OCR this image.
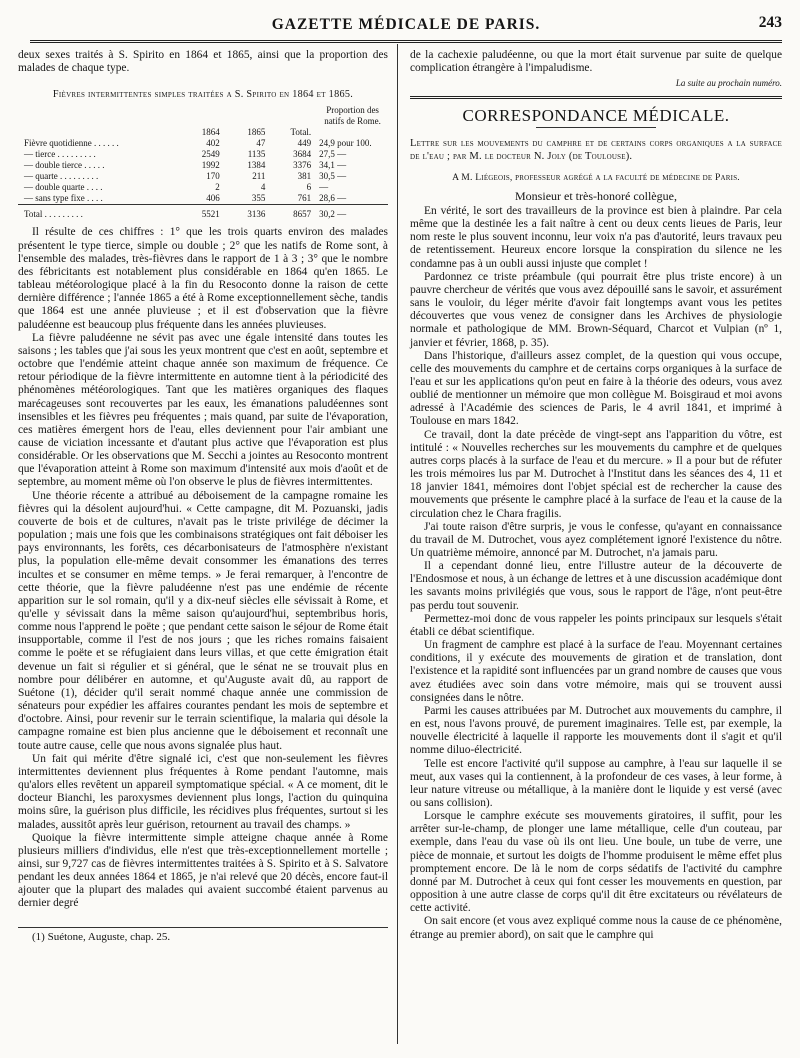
GAZETTE MÉDICALE DE PARIS.	243

deux sexes traités à S. Spirito en 1864 et 1865, ainsi que la proportion des malades de chaque type.

Fièvres intermittentes simples traitées a S. Spirito en 1864 et 1865.
				Proportion des natifs de Rome.
	1864	1865	Total.	
Fièvre quotidienne . . . . . .	402	47	449	24,9 pour 100.
— tierce . . . . . . . . .	2549	1135	3684	27,5 —
— double tierce . . . . .	1992	1384	3376	34,1 —
— quarte . . . . . . . . .	170	211	381	30,5 —
— double quarte . . . .	2	4	6	—
— sans type fixe . . . .	406	355	761	28,6 —

Total . . . . . . . . .	5521	3136	8657	30,2 —

Il résulte de ces chiffres : 1° que les trois quarts environ des malades présentent le type tierce, simple ou double ; 2° que les natifs de Rome sont, à l'ensemble des malades, très-fièvres dans le rapport de 1 à 3 ; 3° que le nombre des fébricitants est notablement plus considérable en 1864 qu'en 1865. Le tableau météorologique placé à la fin du Resoconto donne la raison de cette dernière différence ; l'année 1865 a été à Rome exceptionnellement sèche, tandis que 1864 est une année pluvieuse ; et il est d'observation que la fièvre paludéenne est beaucoup plus fréquente dans les années pluvieuses.

La fièvre paludéenne ne sévit pas avec une égale intensité dans toutes les saisons ; les tables que j'ai sous les yeux montrent que c'est en août, septembre et octobre que l'endémie atteint chaque année son maximum de fréquence. Ce retour périodique de la fièvre intermittente en automne tient à la périodicité des phénomènes météorologiques. Tant que les matières organiques des flaques marécageuses sont recouvertes par les eaux, les émanations paludéennes sont insensibles et les fièvres peu fréquentes ; mais quand, par suite de l'évaporation, ces matières émergent hors de l'eau, elles deviennent pour l'air ambiant une cause de viciation incessante et d'autant plus active que l'évaporation est plus considérable. Or les observations que M. Secchi a jointes au Resoconto montrent que l'évaporation atteint à Rome son maximum d'intensité aux mois d'août et de septembre, au moment même où l'on observe le plus de fièvres intermittentes.

Une théorie récente a attribué au déboisement de la campagne romaine les fièvres qui la désolent aujourd'hui. « Cette campagne, dit M. Pozuanski, jadis couverte de bois et de cultures, n'avait pas le triste privilége de décimer la population ; mais une fois que les combinaisons stratégiques ont fait déboiser les pays environnants, les forêts, ces décarbonisateurs de l'atmosphère n'existant plus, la population elle-même devait consommer les émanations des terres incultes et se consumer en même temps. » Je ferai remarquer, à l'encontre de cette théorie, que la fièvre paludéenne n'est pas une endémie de récente apparition sur le sol romain, qu'il y a dix-neuf siècles elle sévissait à Rome, et qu'elle y sévissait dans la même saison qu'aujourd'hui, septembribus horis, comme nous l'apprend le poëte ; que pendant cette saison le séjour de Rome était insupportable, comme il l'est de nos jours ; que les riches romains faisaient comme le poëte et se réfugiaient dans leurs villas, et que cette émigration était devenue un fait si régulier et si général, que le sénat ne se trouvait plus en nombre pour délibérer en automne, et qu'Auguste avait dû, au rapport de Suétone (1), décider qu'il serait nommé chaque année une commission de sénateurs pour expédier les affaires courantes pendant les mois de septembre et d'octobre. Ainsi, pour revenir sur le terrain scientifique, la malaria qui désole la campagne romaine est bien plus ancienne que le déboisement et reconnaît une toute autre cause, celle que nous avons signalée plus haut.

Un fait qui mérite d'être signalé ici, c'est que non-seulement les fièvres intermittentes deviennent plus fréquentes à Rome pendant l'automne, mais qu'alors elles revêtent un appareil symptomatique spécial. « A ce moment, dit le docteur Bianchi, les paroxysmes deviennent plus longs, l'action du quinquina moins sûre, la guérison plus difficile, les récidives plus fréquentes, surtout si les malades, aussitôt après leur guérison, retournent au travail des champs. »

Quoique la fièvre intermittente simple atteigne chaque année à Rome plusieurs milliers d'individus, elle n'est que très-exceptionnellement mortelle ; ainsi, sur 9,727 cas de fièvres intermittentes traitées à S. Spirito et à S. Salvatore pendant les deux années 1864 et 1865, je n'ai relevé que 20 décès, encore faut-il ajouter que la plupart des malades qui avaient succombé étaient parvenus au dernier degré

(1) Suétone, Auguste, chap. 25.

de la cachexie paludéenne, ou que la mort était survenue par suite de quelque complication étrangère à l'impaludisme.

La suite au prochain numéro.
CORRESPONDANCE MÉDICALE.
Lettre sur les mouvements du camphre et de certains corps organiques a la surface de l'eau ; par M. le docteur N. Joly (de Toulouse).
A M. Liégeois, professeur agrégé a la faculté de médecine de Paris.
Monsieur et très-honoré collègue,

En vérité, le sort des travailleurs de la province est bien à plaindre. Par cela même que la destinée les a fait naître à cent ou deux cents lieues de Paris, leur nom reste le plus souvent inconnu, leur voix n'a pas d'autorité, leurs travaux peu de retentissement. Heureux encore lorsque la conspiration du silence ne les condamne pas à un oubli aussi injuste que complet !

Pardonnez ce triste préambule (qui pourrait être plus triste encore) à un pauvre chercheur de vérités que vous avez dépouillé sans le savoir, et assurément sans le vouloir, du léger mérite d'avoir fait longtemps avant vous les petites découvertes que vous venez de consigner dans les Archives de physiologie normale et pathologique de MM. Brown-Séquard, Charcot et Vulpian (nº 1, janvier et février, 1868, p. 35).

Dans l'historique, d'ailleurs assez complet, de la question qui vous occupe, celle des mouvements du camphre et de certains corps organiques à la surface de l'eau et sur les applications qu'on peut en faire à la théorie des odeurs, vous avez oublié de mentionner un mémoire que mon collègue M. Boisgiraud et moi avons adressé à l'Académie des sciences de Paris, le 4 avril 1841, et imprimé à Toulouse en mars 1842.

Ce travail, dont la date précède de vingt-sept ans l'apparition du vôtre, est intitulé : « Nouvelles recherches sur les mouvements du camphre et de quelques autres corps placés à la surface de l'eau et du mercure. » Il a pour but de réfuter les trois mémoires lus par M. Dutrochet à l'Institut dans les séances des 4, 11 et 18 janvier 1841, mémoires dont l'objet spécial est de rechercher la cause des mouvements que présente le camphre placé à la surface de l'eau et la cause de la circulation chez le Chara fragilis.

J'ai toute raison d'être surpris, je vous le confesse, qu'ayant en connaissance du travail de M. Dutrochet, vous ayez complétement ignoré l'existence du nôtre. Un quatrième mémoire, annoncé par M. Dutrochet, n'a jamais paru.

Il a cependant donné lieu, entre l'illustre auteur de la découverte de l'Endosmose et nous, à un échange de lettres et à une discussion académique dont les savants moins privilégiés que vous, sous le rapport de l'âge, n'ont peut-être pas perdu tout souvenir.

Permettez-moi donc de vous rappeler les points principaux sur lesquels s'était établi ce débat scientifique.

Un fragment de camphre est placé à la surface de l'eau. Moyennant certaines conditions, il y exécute des mouvements de giration et de translation, dont l'existence et la rapidité sont influencées par un grand nombre de causes que vous avez étudiées avec soin dans votre mémoire, mais qui se trouvent aussi consignées dans le nôtre.

Parmi les causes attribuées par M. Dutrochet aux mouvements du camphre, il en est, nous l'avons prouvé, de purement imaginaires. Telle est, par exemple, la nouvelle électricité à laquelle il rapporte les mouvements dont il s'agit et qu'il nomme diluo-électricité.

Telle est encore l'activité qu'il suppose au camphre, à l'eau sur laquelle il se meut, aux vases qui la contiennent, à la profondeur de ces vases, à leur forme, à leur nature vitreuse ou métallique, à la manière dont le liquide y est versé (avec ou sans collision).

Lorsque le camphre exécute ses mouvements giratoires, il suffit, pour les arrêter sur-le-champ, de plonger une lame métallique, celle d'un couteau, par exemple, dans l'eau du vase où ils ont lieu. Une boule, un tube de verre, une pièce de monnaie, et surtout les doigts de l'homme produisent le même effet plus promptement encore. De là le nom de corps sédatifs de l'activité du camphre donné par M. Dutrochet à ceux qui font cesser les mouvements en question, par opposition à une autre classe de corps qu'il dit être excitateurs ou révélateurs de cette activité.

On sait encore (et vous avez expliqué comme nous la cause de ce phénomène, étrange au premier abord), on sait que le camphre qui
